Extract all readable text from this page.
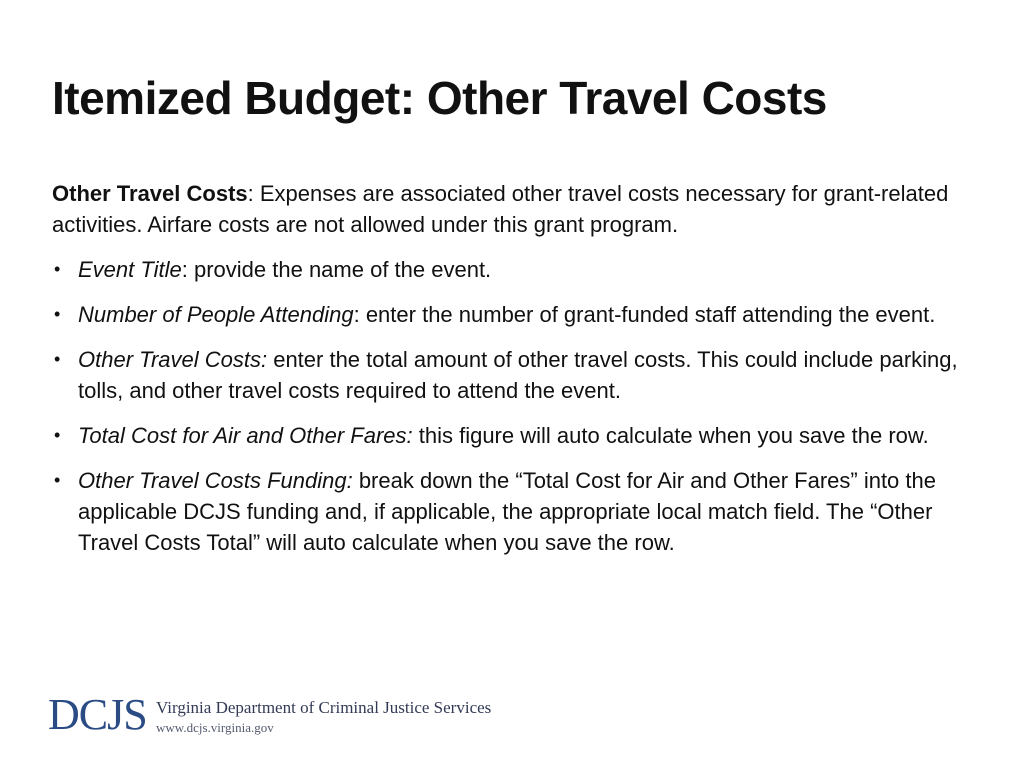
Itemized Budget: Other Travel Costs

Other Travel Costs: Expenses are associated other travel costs necessary for grant-related activities. Airfare costs are not allowed under this grant program.

• Event Title: provide the name of the event.
• Number of People Attending: enter the number of grant-funded staff attending the event.
• Other Travel Costs: enter the total amount of other travel costs. This could include parking, tolls, and other travel costs required to attend the event.
• Total Cost for Air and Other Fares: this figure will auto calculate when you save the row.
• Other Travel Costs Funding: break down the “Total Cost for Air and Other Fares” into the applicable DCJS funding and, if applicable, the appropriate local match field. The “Other Travel Costs Total” will auto calculate when you save the row.
DCJS Virginia Department of Criminal Justice Services
www.dcjs.virginia.gov
